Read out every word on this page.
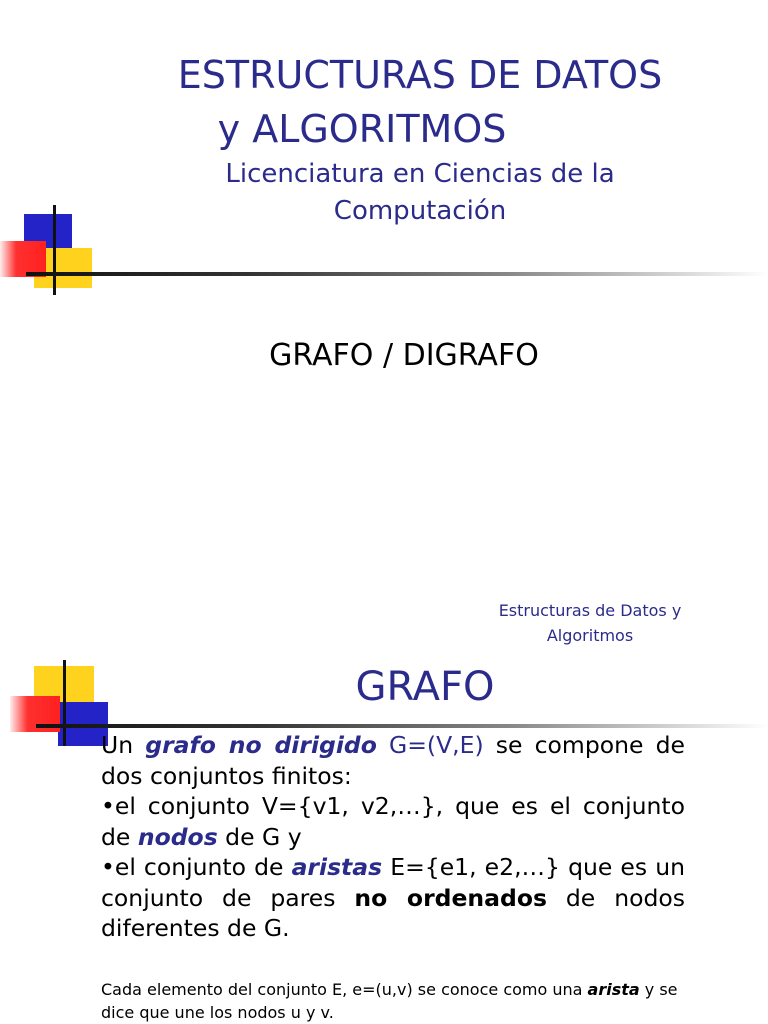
ESTRUCTURAS DE DATOS
y ALGORITMOS
Licenciatura en Ciencias de la
Computación
GRAFO / DIGRAFO
Estructuras de Datos y
Algoritmos
GRAFO

Un grafo no dirigido G=(V,E) se compone de dos conjuntos finitos:

•el conjunto V={v1, v2,…}, que es el conjunto de nodos de G y

•el conjunto de aristas E={e1, e2,…} que es un conjunto de pares no ordenados de nodos diferentes de G.

Cada elemento del conjunto E, e=(u,v) se conoce como una arista y se dice que une los nodos u y v.
